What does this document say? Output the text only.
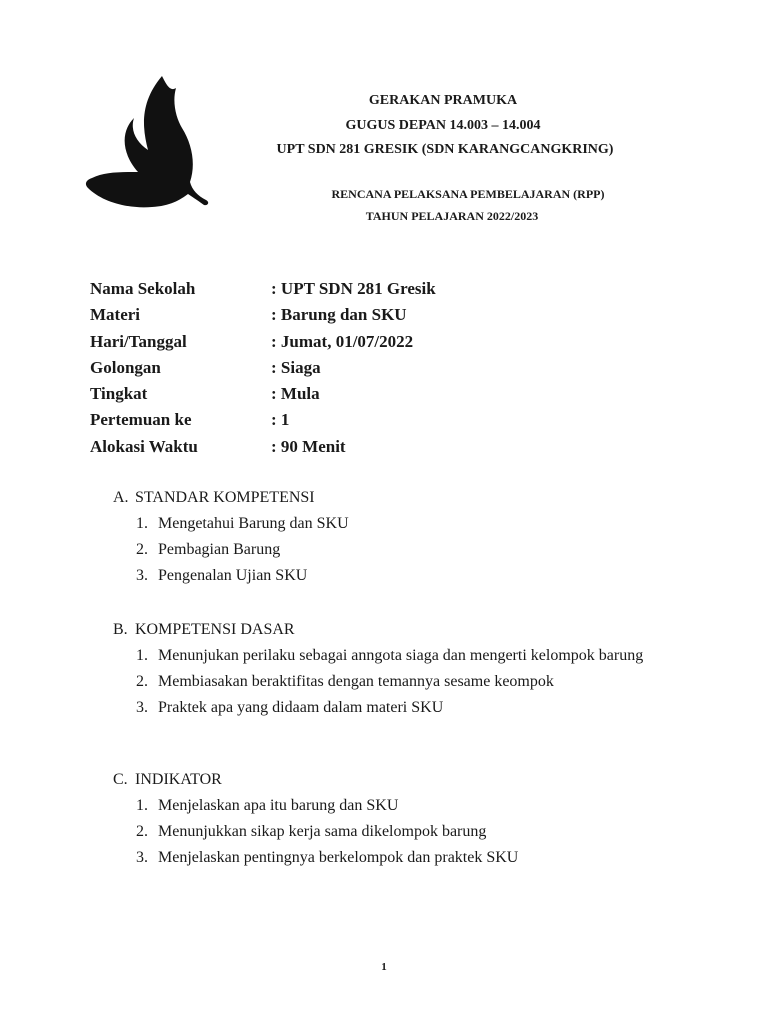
GERAKAN PRAMUKA
GUGUS DEPAN 14.003 – 14.004
UPT SDN 281 GRESIK (SDN KARANGCANGKRING)
RENCANA PELAKSANA PEMBELAJARAN (RPP)
TAHUN PELAJARAN 2022/2023
Nama Sekolah	: UPT SDN 281 Gresik
Materi	: Barung dan SKU
Hari/Tanggal	: Jumat, 01/07/2022
Golongan	: Siaga
Tingkat	: Mula
Pertemuan ke	: 1
Alokasi Waktu	: 90 Menit
A. STANDAR KOMPETENSI
1. Mengetahui Barung dan SKU
2. Pembagian Barung
3. Pengenalan Ujian SKU
B. KOMPETENSI DASAR
1. Menunjukan perilaku sebagai anngota siaga dan mengerti kelompok barung
2. Membiasakan beraktifitas dengan temannya sesame keompok
3. Praktek apa yang didaam dalam materi SKU
C. INDIKATOR
1. Menjelaskan apa itu barung dan SKU
2. Menunjukkan sikap kerja sama dikelompok barung
3. Menjelaskan pentingnya berkelompok dan praktek SKU
1
